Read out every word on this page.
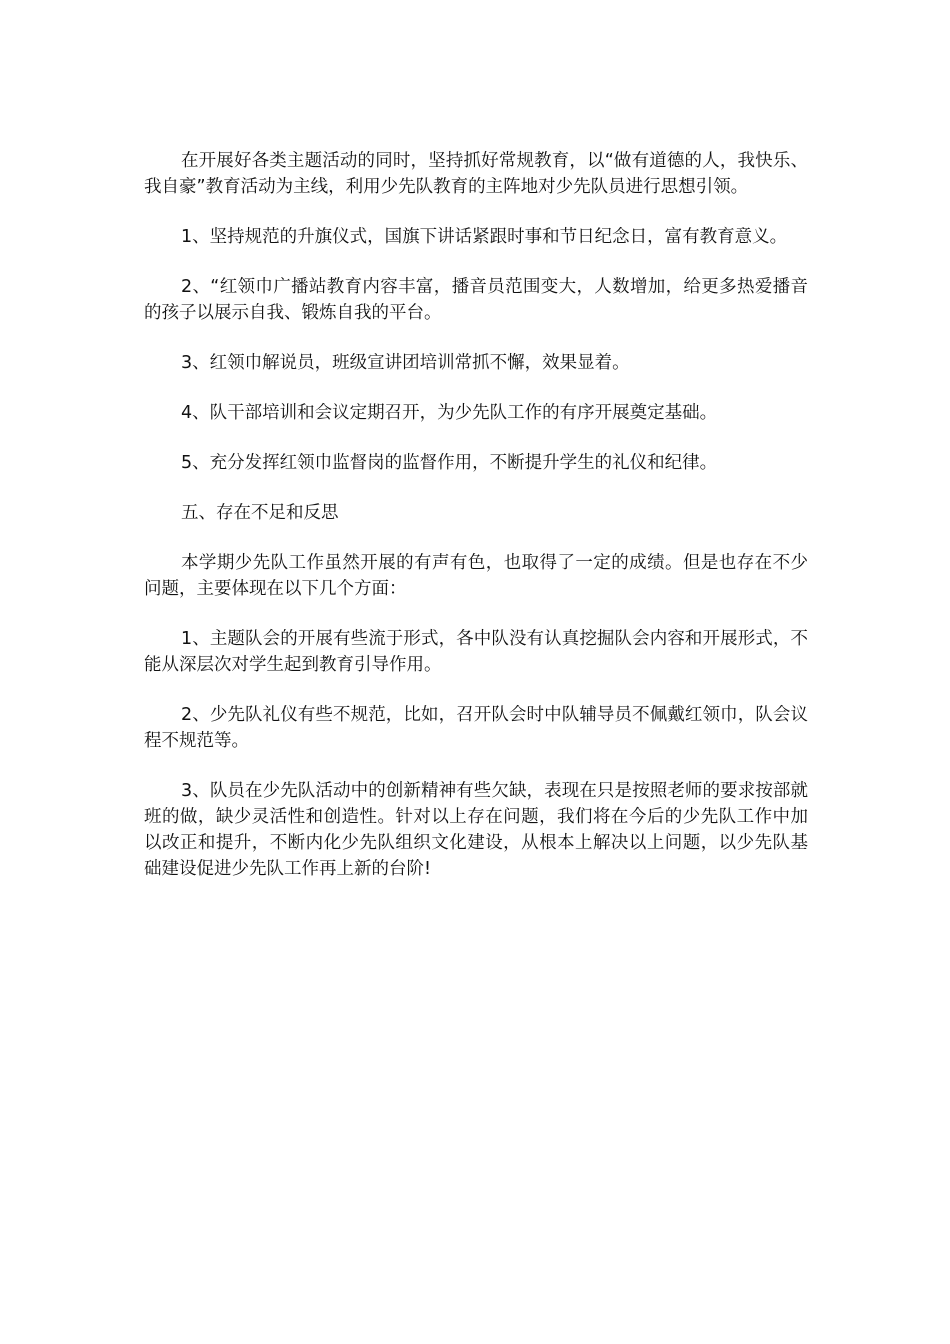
在开展好各类主题活动的同时，坚持抓好常规教育，以“做有道德的人，我快乐、我自豪”教育活动为主线，利用少先队教育的主阵地对少先队员进行思想引领。

1、坚持规范的升旗仪式，国旗下讲话紧跟时事和节日纪念日，富有教育意义。

2、“红领巾广播站教育内容丰富，播音员范围变大，人数增加，给更多热爱播音的孩子以展示自我、锻炼自我的平台。

3、红领巾解说员，班级宣讲团培训常抓不懈，效果显着。

4、队干部培训和会议定期召开，为少先队工作的有序开展奠定基础。

5、充分发挥红领巾监督岗的监督作用，不断提升学生的礼仪和纪律。

五、存在不足和反思

本学期少先队工作虽然开展的有声有色，也取得了一定的成绩。但是也存在不少问题，主要体现在以下几个方面：

1、主题队会的开展有些流于形式，各中队没有认真挖掘队会内容和开展形式，不能从深层次对学生起到教育引导作用。

2、少先队礼仪有些不规范，比如，召开队会时中队辅导员不佩戴红领巾，队会议程不规范等。

3、队员在少先队活动中的创新精神有些欠缺，表现在只是按照老师的要求按部就班的做，缺少灵活性和创造性。针对以上存在问题，我们将在今后的少先队工作中加以改正和提升，不断内化少先队组织文化建设，从根本上解决以上问题，以少先队基础建设促进少先队工作再上新的台阶!
